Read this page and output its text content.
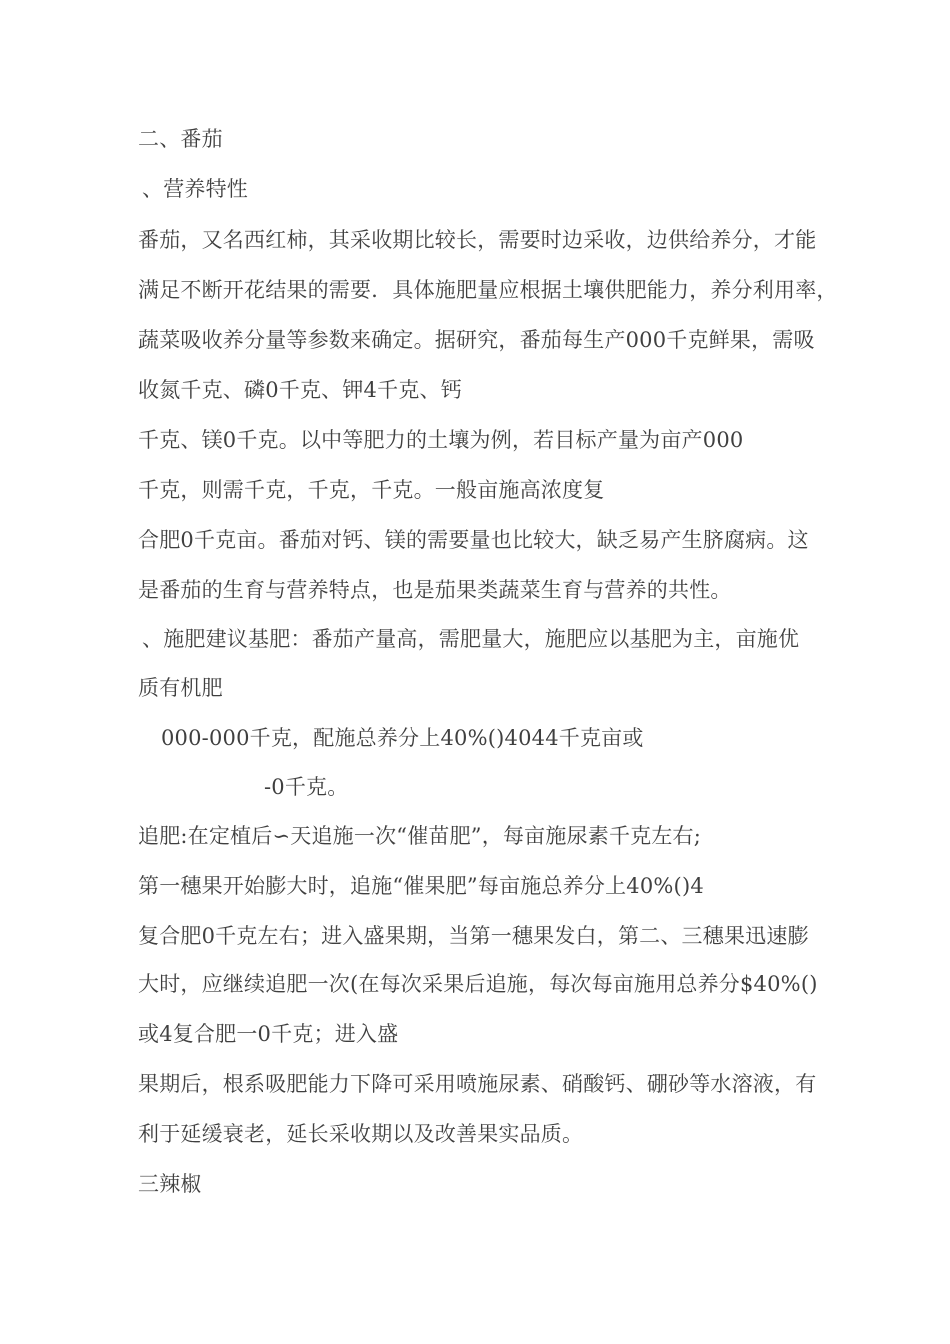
二、番茄
、营养特性
番茄，又名西红柿，其采收期比较长，需要时边采收，边供给养分，才能
满足不断开花结果的需要．具体施肥量应根据土壤供肥能力，养分利用率，
蔬菜吸收养分量等参数来确定。据研究，番茄每生产000千克鲜果，需吸
收氮千克、磷0千克、钾4千克、钙
千克、镁0千克。以中等肥力的土壤为例，若目标产量为亩产000
千克，则需千克，千克，千克。一般亩施高浓度复
合肥0千克亩。番茄对钙、镁的需要量也比较大，缺乏易产生脐腐病。这
是番茄的生育与营养特点，也是茄果类蔬菜生育与营养的共性。
、施肥建议基肥：番茄产量高，需肥量大，施肥应以基肥为主，亩施优
质有机肥
000-000千克，配施总养分上40%()4044千克亩或
-0千克。
追肥:在定植后∽天追施一次“催苗肥”，每亩施尿素千克左右;
第一穗果开始膨大时，追施“催果肥”每亩施总养分上40%()4
复合肥0千克左右；进入盛果期，当第一穗果发白，第二、三穗果迅速膨
大时，应继续追肥一次(在每次采果后追施，每次每亩施用总养分$40%()
或4复合肥一0千克；进入盛
果期后，根系吸肥能力下降可采用喷施尿素、硝酸钙、硼砂等水溶液，有
利于延缓衰老，延长采收期以及改善果实品质。
三辣椒
